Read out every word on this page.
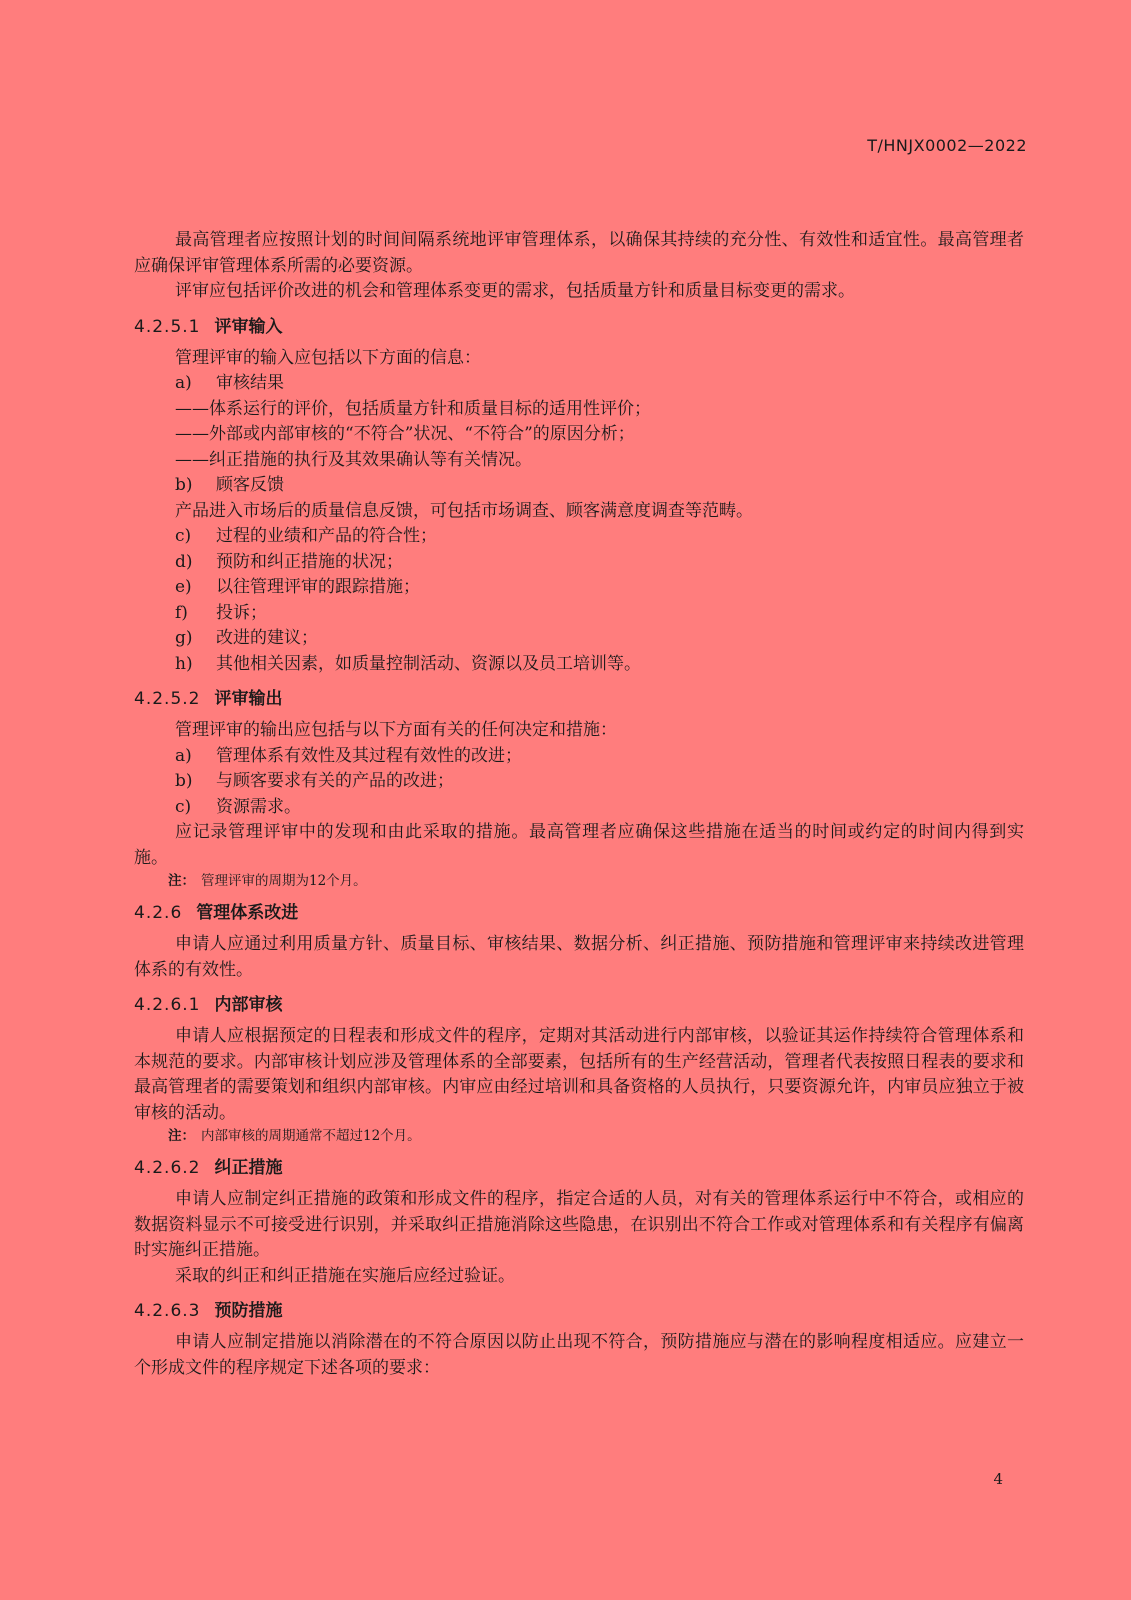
T/HNJX0002—2022

最高管理者应按照计划的时间间隔系统地评审管理体系，以确保其持续的充分性、有效性和适宜性。最高管理者应确保评审管理体系所需的必要资源。

评审应包括评价改进的机会和管理体系变更的需求，包括质量方针和质量目标变更的需求。

4.2.5.1 评审输入

管理评审的输入应包括以下方面的信息：

a) 审核结果

——体系运行的评价，包括质量方针和质量目标的适用性评价；

——外部或内部审核的“不符合”状况、“不符合”的原因分析；

——纠正措施的执行及其效果确认等有关情况。

b) 顾客反馈

产品进入市场后的质量信息反馈，可包括市场调查、顾客满意度调查等范畴。

c) 过程的业绩和产品的符合性；

d) 预防和纠正措施的状况；

e) 以往管理评审的跟踪措施；

f) 投诉；

g) 改进的建议；

h) 其他相关因素，如质量控制活动、资源以及员工培训等。

4.2.5.2 评审输出

管理评审的输出应包括与以下方面有关的任何决定和措施：

a) 管理体系有效性及其过程有效性的改进；

b) 与顾客要求有关的产品的改进；

c) 资源需求。

应记录管理评审中的发现和由此采取的措施。最高管理者应确保这些措施在适当的时间或约定的时间内得到实施。

注： 管理评审的周期为12个月。

4.2.6 管理体系改进

申请人应通过利用质量方针、质量目标、审核结果、数据分析、纠正措施、预防措施和管理评审来持续改进管理体系的有效性。

4.2.6.1 内部审核

申请人应根据预定的日程表和形成文件的程序，定期对其活动进行内部审核，以验证其运作持续符合管理体系和本规范的要求。内部审核计划应涉及管理体系的全部要素，包括所有的生产经营活动，管理者代表按照日程表的要求和最高管理者的需要策划和组织内部审核。内审应由经过培训和具备资格的人员执行，只要资源允许，内审员应独立于被审核的活动。

注： 内部审核的周期通常不超过12个月。

4.2.6.2 纠正措施

申请人应制定纠正措施的政策和形成文件的程序，指定合适的人员，对有关的管理体系运行中不符合，或相应的数据资料显示不可接受进行识别，并采取纠正措施消除这些隐患，在识别出不符合工作或对管理体系和有关程序有偏离时实施纠正措施。

采取的纠正和纠正措施在实施后应经过验证。

4.2.6.3 预防措施

申请人应制定措施以消除潜在的不符合原因以防止出现不符合，预防措施应与潜在的影响程度相适应。应建立一个形成文件的程序规定下述各项的要求：

4
